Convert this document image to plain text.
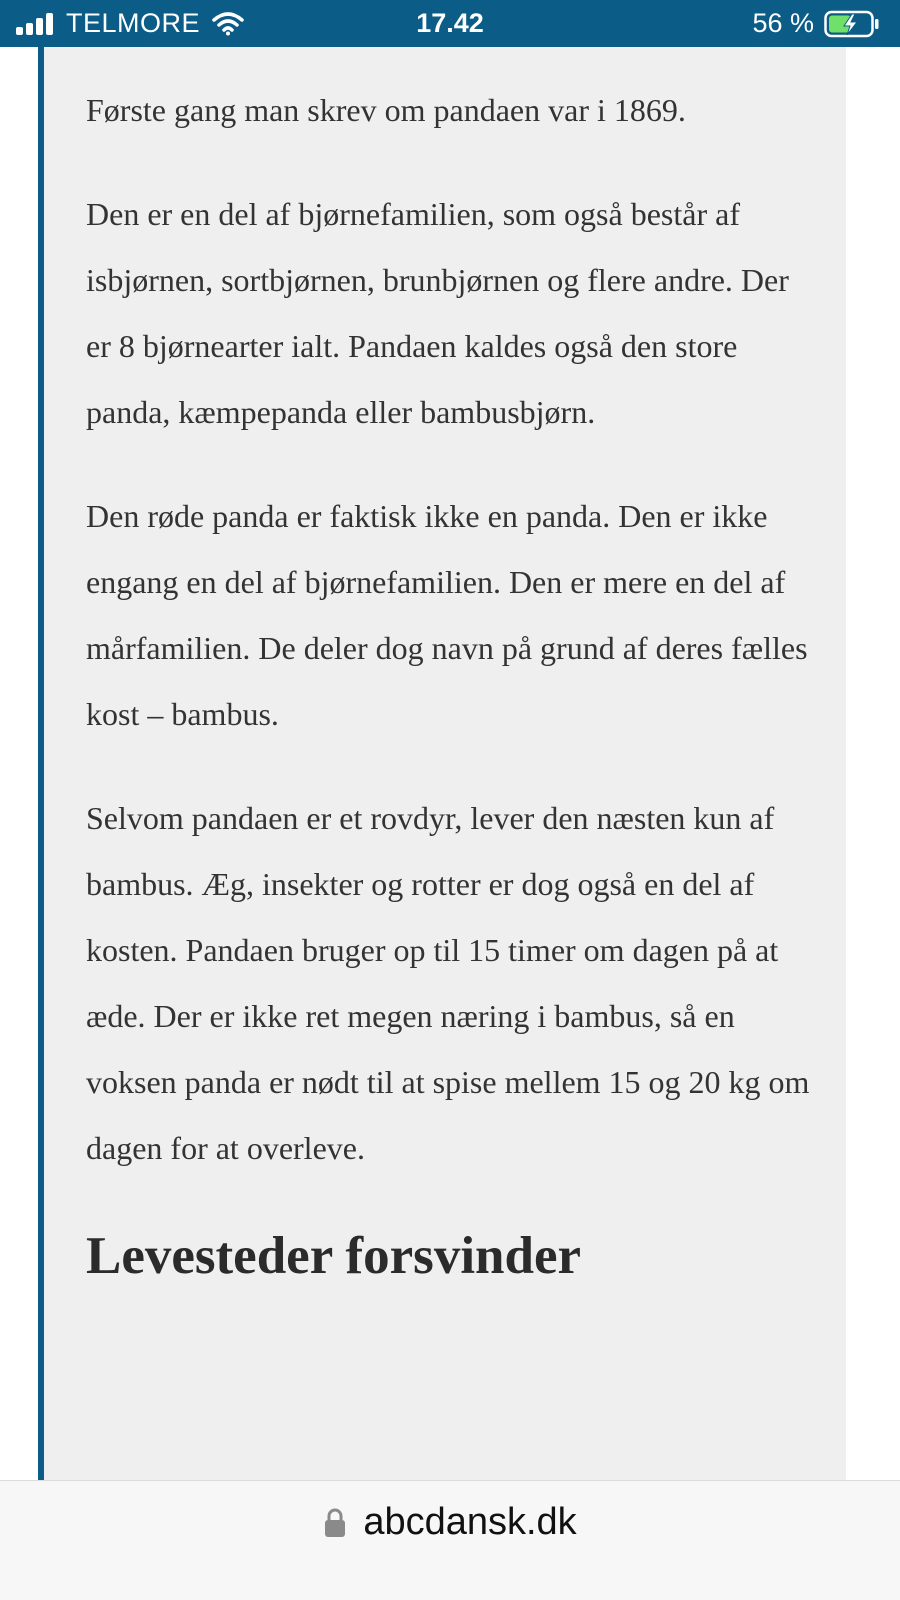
TELMORE	17.42	56 %

Første gang man skrev om pandaen var i 1869.

Den er en del af bjørnefamilien, som også består af isbjørnen, sortbjørnen, brunbjørnen og flere andre. Der er 8 bjørnearter ialt. Pandaen kaldes også den store panda, kæmpepanda eller bambusbjørn.

Den røde panda er faktisk ikke en panda. Den er ikke engang en del af bjørnefamilien. Den er mere en del af mårfamilien. De deler dog navn på grund af deres fælles kost – bambus.

Selvom pandaen er et rovdyr, lever den næsten kun af bambus. Æg, insekter og rotter er dog også en del af kosten. Pandaen bruger op til 15 timer om dagen på at æde. Der er ikke ret megen næring i bambus, så en voksen panda er nødt til at spise mellem 15 og 20 kg om dagen for at overleve.

Levesteder forsvinder
abcdansk.dk
